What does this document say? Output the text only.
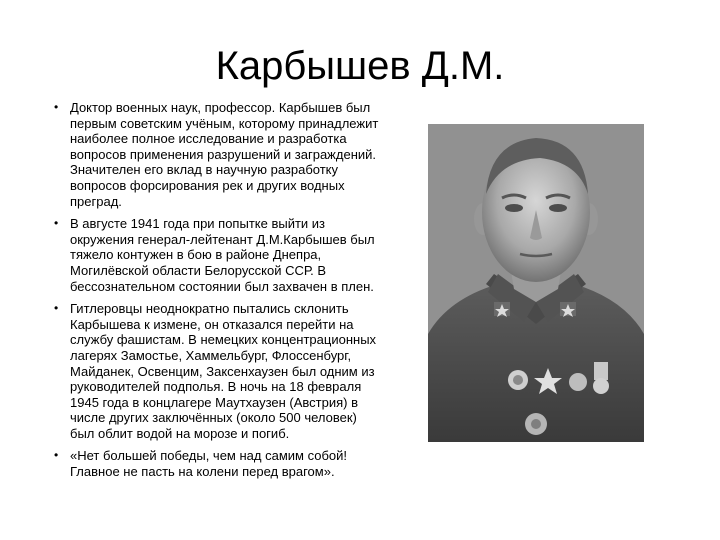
Карбышев Д.М.
• Доктор военных наук, профессор. Карбышев был первым советским учёным, которому принадлежит наиболее полное исследование и разработка вопросов применения разрушений и заграждений. Значителен его вклад в научную разработку вопросов форсирования рек и других водных преград.
• В августе 1941 года при попытке выйти из окружения генерал-лейтенант Д.М.Карбышев был тяжело контужен в бою в районе Днепра, Могилёвской области Белорусской ССР. В бессознательном состоянии был захвачен в плен.
• Гитлеровцы неоднократно пытались склонить Карбышева к измене, он отказался перейти на службу фашистам. В немецких концентрационных лагерях Замостье, Хаммельбург, Флоссенбург, Майданек, Освенцим, Заксенхаузен был одним из руководителей подполья. В ночь на 18 февраля 1945 года в концлагере Маутхаузен (Австрия) в числе других заключённых (около 500 человек) был облит водой на морозе и погиб.
• «Нет большей победы, чем над самим собой! Главное не пасть на колени перед врагом».
